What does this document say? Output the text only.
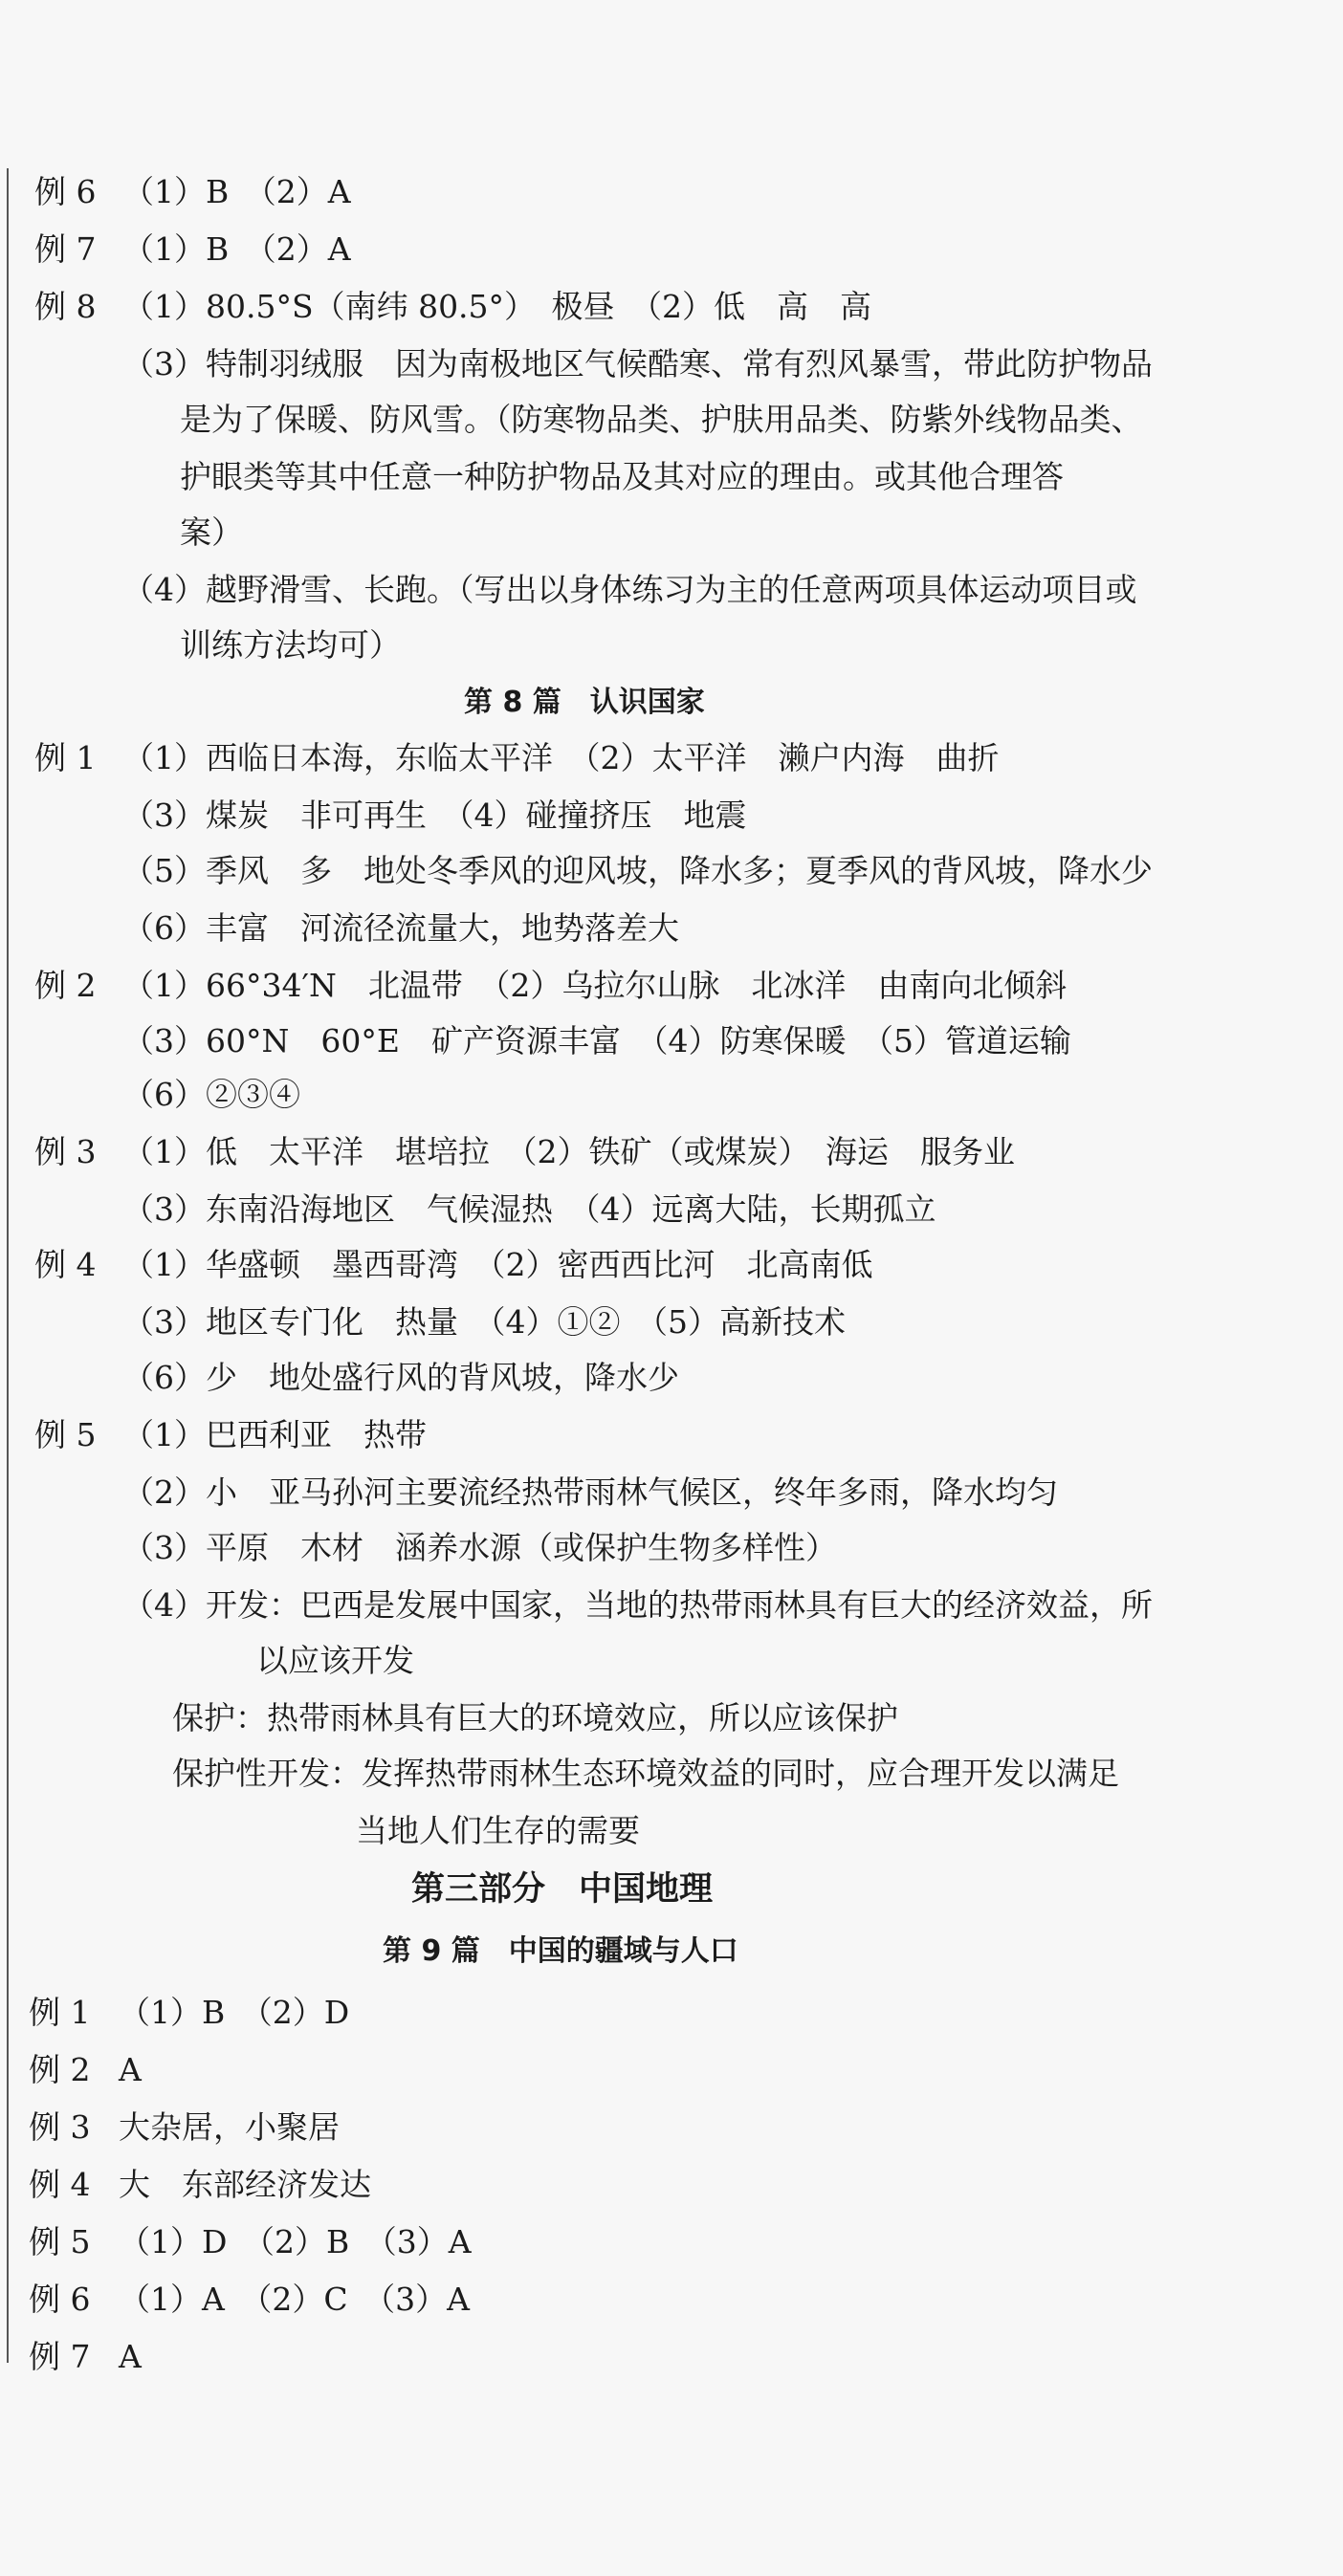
例 6 （1）B　（2）A
例 7 （1）B　（2）A
例 8 （1）80.5°S（南纬 80.5°）　极昼　（2）低　高　高
（3）特制羽绒服　因为南极地区气候酷寒、常有烈风暴雪，带此防护物品
是为了保暖、防风雪。（防寒物品类、护肤用品类、防紫外线物品类、
护眼类等其中任意一种防护物品及其对应的理由。或其他合理答
案）
（4）越野滑雪、长跑。（写出以身体练习为主的任意两项具体运动项目或
训练方法均可）
第 8 篇　认识国家
例 1 （1）西临日本海，东临太平洋　（2）太平洋　濑户内海　曲折
（3）煤炭　非可再生　（4）碰撞挤压　地震
（5）季风　多　地处冬季风的迎风坡，降水多；夏季风的背风坡，降水少
（6）丰富　河流径流量大，地势落差大
例 2 （1）66°34′N　北温带　（2）乌拉尔山脉　北冰洋　由南向北倾斜
（3）60°N　60°E　矿产资源丰富　（4）防寒保暖　（5）管道运输
（6）②③④
例 3 （1）低　太平洋　堪培拉　（2）铁矿（或煤炭）　海运　服务业
（3）东南沿海地区　气候湿热　（4）远离大陆，长期孤立
例 4 （1）华盛顿　墨西哥湾　（2）密西西比河　北高南低
（3）地区专门化　热量　（4）①②　（5）高新技术
（6）少　地处盛行风的背风坡，降水少
例 5 （1）巴西利亚　热带
（2）小　亚马孙河主要流经热带雨林气候区，终年多雨，降水均匀
（3）平原　木材　涵养水源（或保护生物多样性）
（4）开发：巴西是发展中国家，当地的热带雨林具有巨大的经济效益，所
以应该开发
保护：热带雨林具有巨大的环境效应，所以应该保护
保护性开发：发挥热带雨林生态环境效益的同时，应合理开发以满足
当地人们生存的需要
第三部分　中国地理
第 9 篇　中国的疆域与人口
例 1 （1）B　（2）D
例 2 A
例 3 大杂居，小聚居
例 4 大　东部经济发达
例 5 （1）D　（2）B　（3）A
例 6 （1）A　（2）C　（3）A
例 7 A
